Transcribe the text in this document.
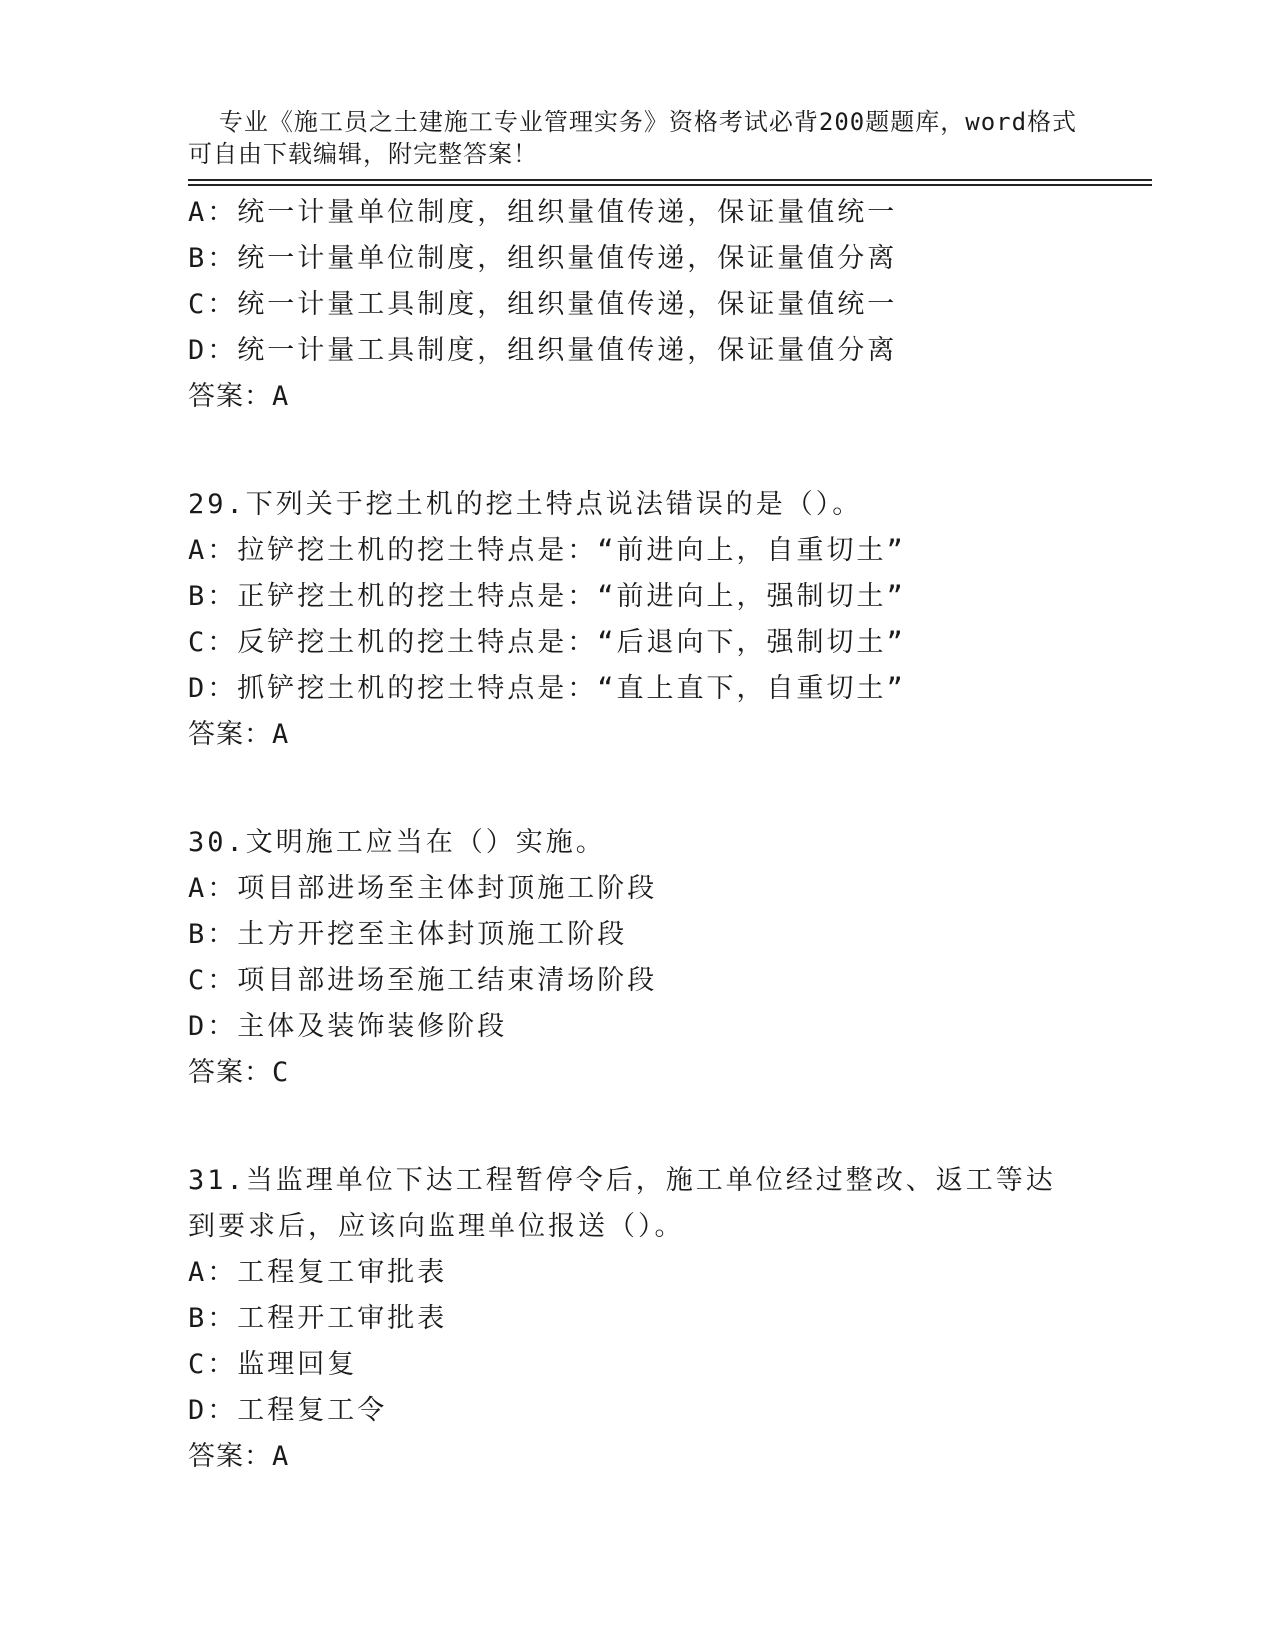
专业《施工员之土建施工专业管理实务》资格考试必背200题题库，word格式可自由下载编辑，附完整答案！

A：统一计量单位制度，组织量值传递，保证量值统一
B：统一计量单位制度，组织量值传递，保证量值分离
C：统一计量工具制度，组织量值传递，保证量值统一
D：统一计量工具制度，组织量值传递，保证量值分离
答案：A
29.下列关于挖土机的挖土特点说法错误的是（）。
A：拉铲挖土机的挖土特点是：“前进向上，自重切土”
B：正铲挖土机的挖土特点是：“前进向上，强制切土”
C：反铲挖土机的挖土特点是：“后退向下，强制切土”
D：抓铲挖土机的挖土特点是：“直上直下，自重切土”
答案：A
30.文明施工应当在（）实施。
A：项目部进场至主体封顶施工阶段
B：土方开挖至主体封顶施工阶段
C：项目部进场至施工结束清场阶段
D：主体及装饰装修阶段
答案：C
31.当监理单位下达工程暂停令后，施工单位经过整改、返工等达到要求后，应该向监理单位报送（）。
A：工程复工审批表
B：工程开工审批表
C：监理回复
D：工程复工令
答案：A
